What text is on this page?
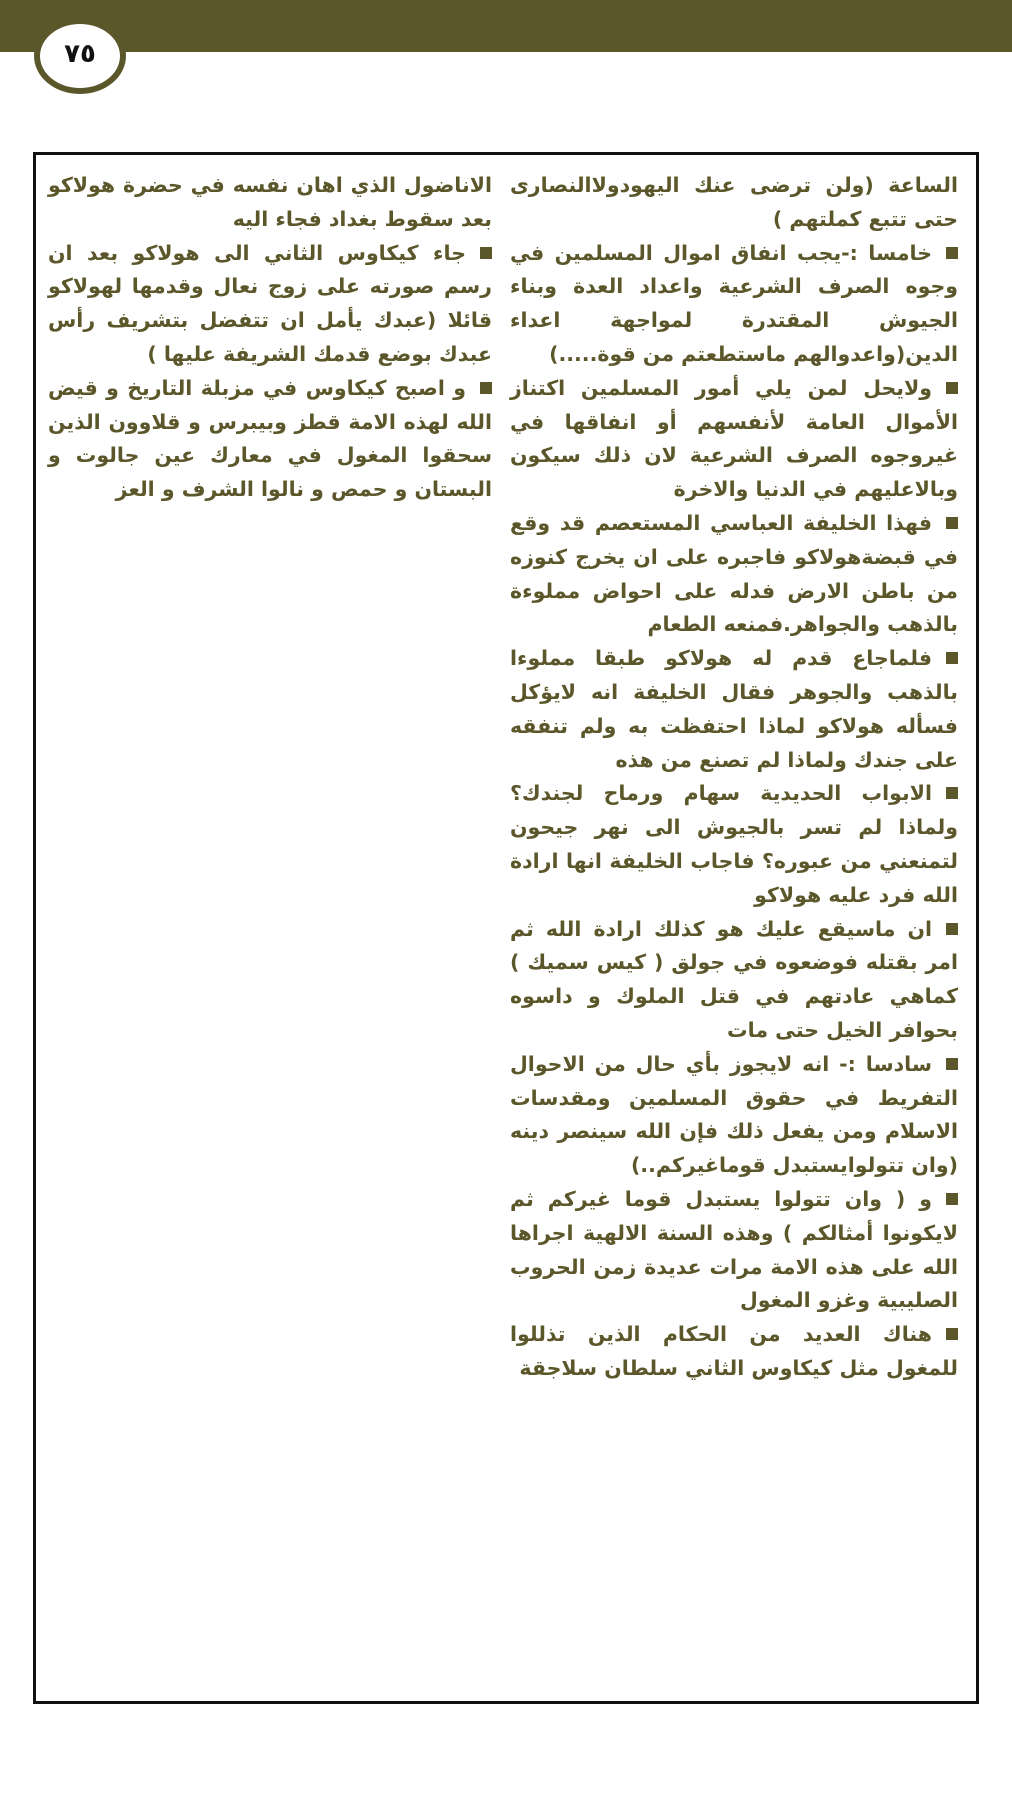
٧٥

الساعة (ولن ترضى عنك اليهودولاالنصارى حتى تتبع كملتهم )

خامسا :-يجب انفاق اموال المسلمين في وجوه الصرف الشرعية واعداد العدة وبناء الجيوش المقتدرة لمواجهة اعداء الدين(واعدوالهم ماستطعتم من قوة.....)

ولايحل لمن يلي أمور المسلمين اكتناز الأموال العامة لأنفسهم أو انفاقها في غيروجوه الصرف الشرعية لان ذلك سيكون وبالاعليهم في الدنيا والاخرة

فهذا الخليفة العباسي المستعصم قد وقع في قبضةهولاكو فاجبره على ان يخرج كنوزه من باطن الارض فدله على احواض مملوءة بالذهب والجواهر.فمنعه الطعام

فلماجاع قدم له هولاكو طبقا مملوءا بالذهب والجوهر فقال الخليفة انه لايؤكل فسأله هولاكو لماذا احتفظت به ولم تنفقه على جندك ولماذا لم تصنع من هذه

الابواب الحديدية سهام ورماح لجندك؟ ولماذا لم تسر بالجيوش الى نهر جيحون لتمنعني من عبوره؟ فاجاب الخليفة انها ارادة الله فرد عليه هولاكو

ان ماسيقع عليك هو كذلك ارادة الله ثم امر بقتله فوضعوه في جولق ( كيس سميك ) كماهي عادتهم في قتل الملوك و داسوه بحوافر الخيل حتى مات

سادسا :- انه لايجوز بأي حال من الاحوال التفريط في حقوق المسلمين ومقدسات الاسلام ومن يفعل ذلك فإن الله سينصر دينه (وان تتولوايستبدل قوماغيركم..)

و ( وان تتولوا يستبدل قوما غيركم ثم لايكونوا أمثالكم ) وهذه السنة الالهية اجراها الله على هذه الامة مرات عديدة زمن الحروب الصليبية وغزو المغول

هناك العديد من الحكام الذين تذللوا للمغول مثل كيكاوس الثاني سلطان سلاجقة

الاناضول الذي اهان نفسه في حضرة هولاكو بعد سقوط بغداد فجاء اليه

جاء كيكاوس الثاني الى هولاكو بعد ان رسم صورته على زوج نعال وقدمها لهولاكو قائلا (عبدك يأمل ان تتفضل بتشريف رأس عبدك بوضع قدمك الشريفة عليها )

و اصبح كيكاوس في مزبلة التاريخ و قيض الله لهذه الامة قطز وبيبرس و قلاوون الذين سحقوا المغول في معارك عين جالوت و البستان و حمص و نالوا الشرف و العز
